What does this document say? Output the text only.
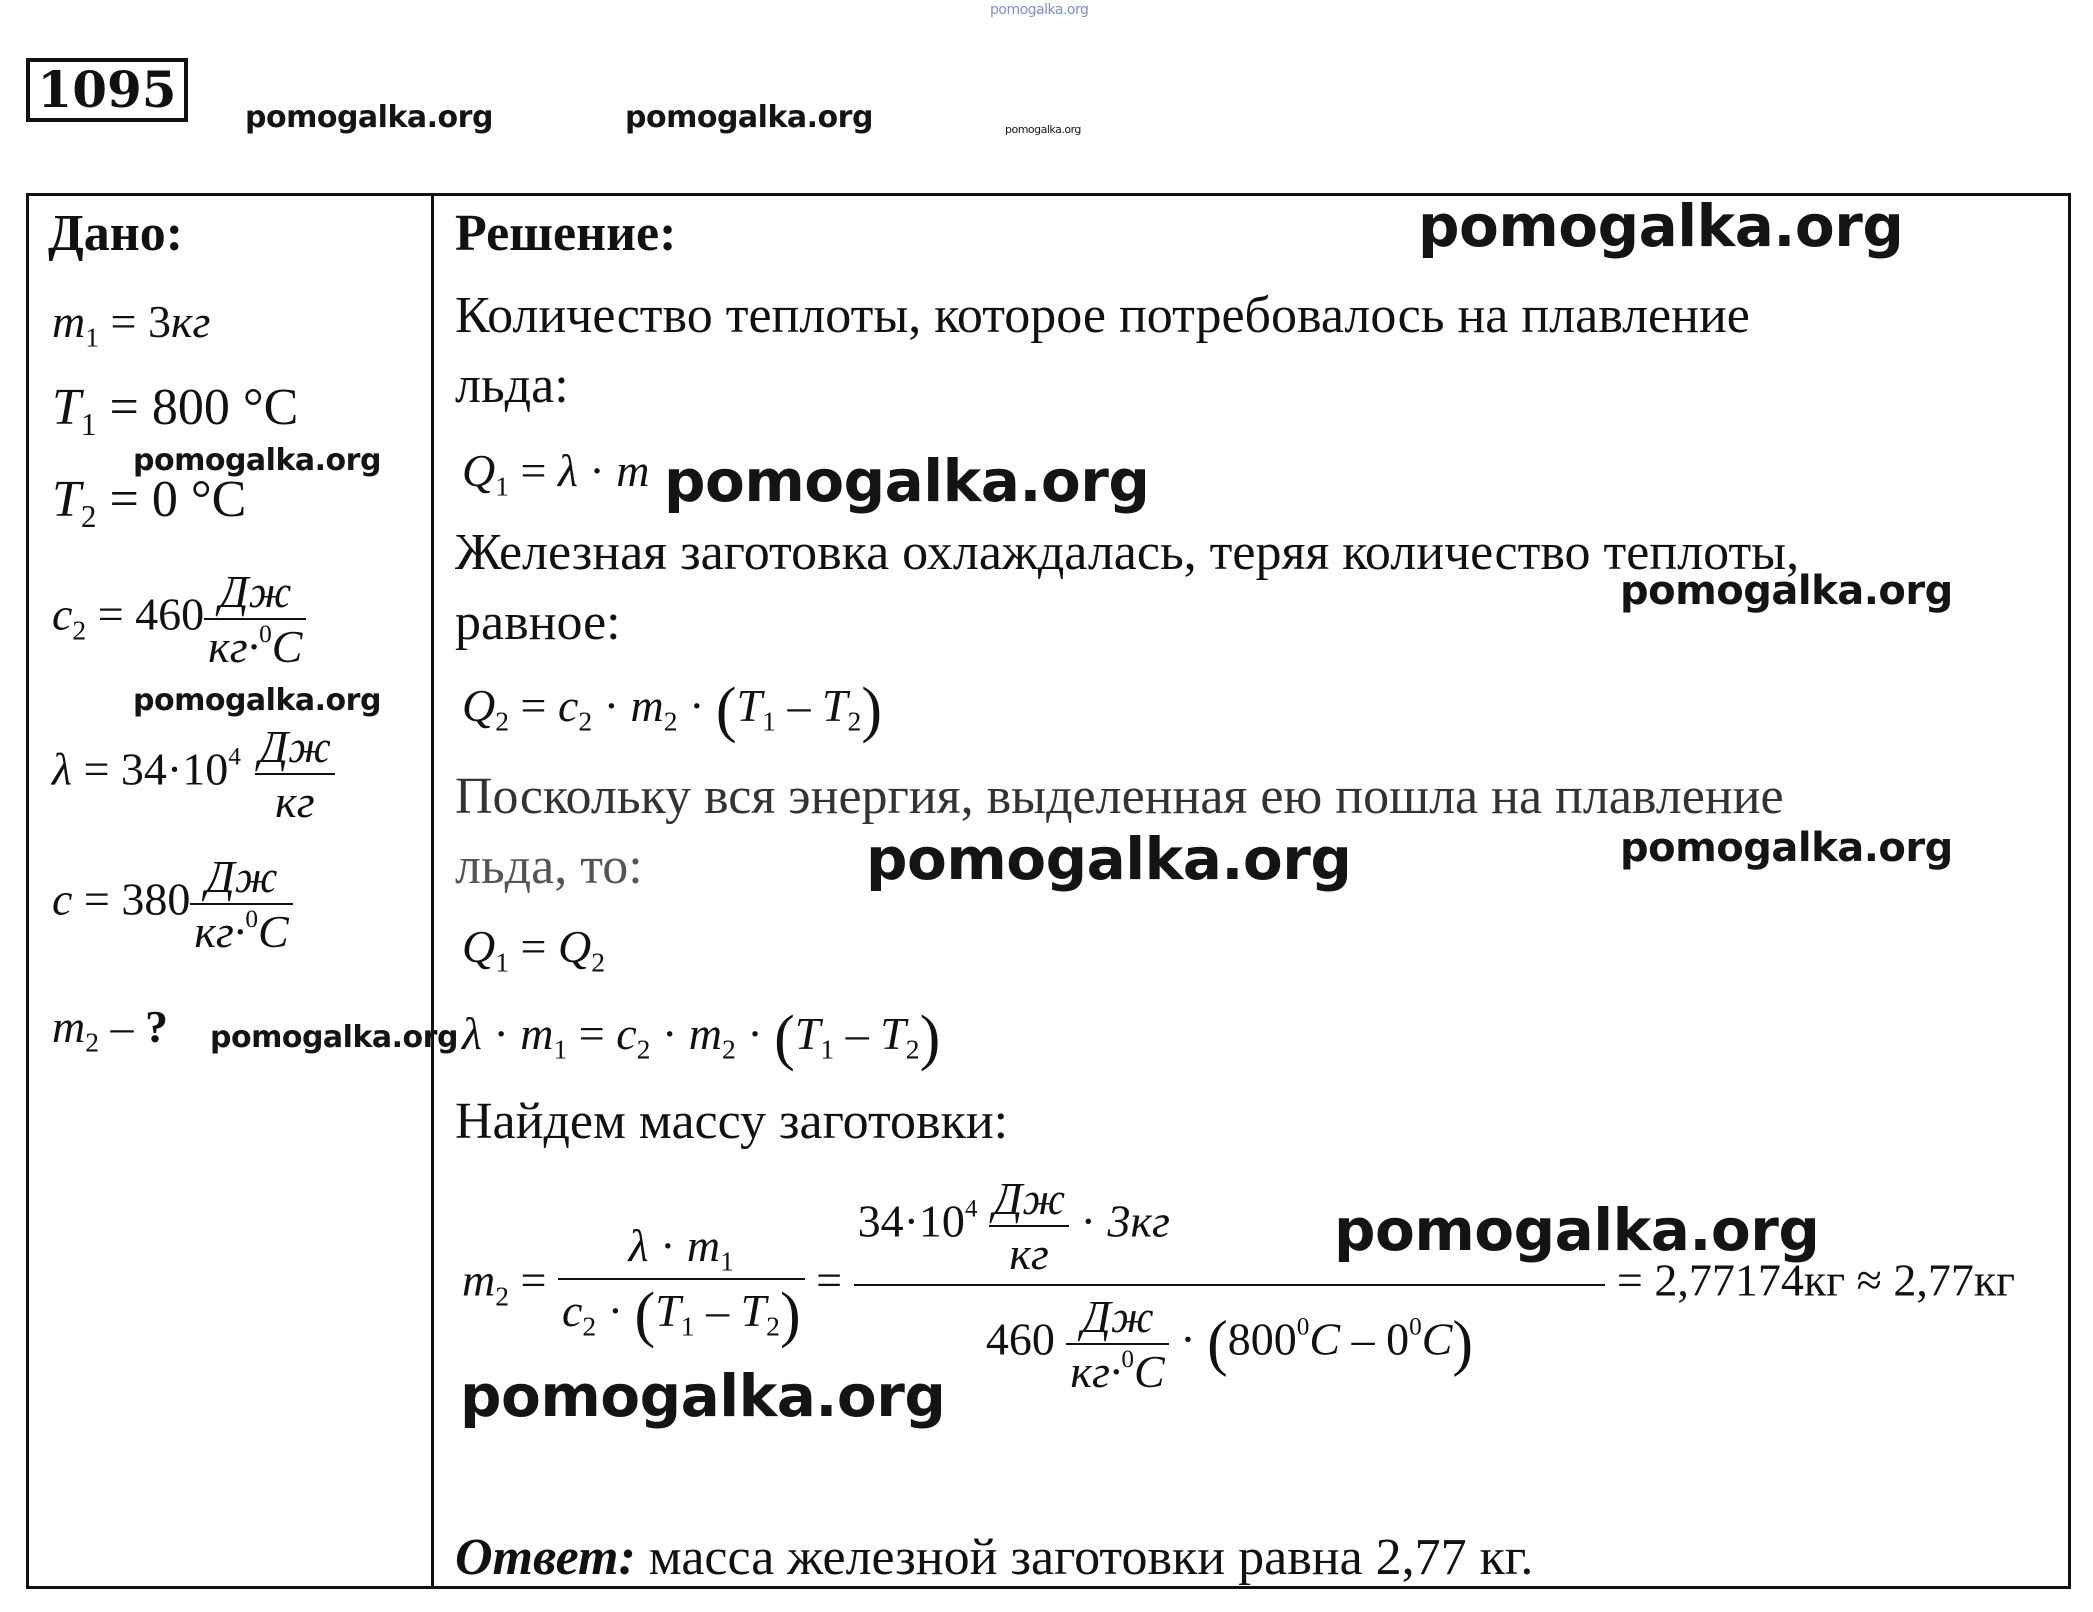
pomogalka.org
pomogalka.org	pomogalka.org	pomogalka.org
1095
Дано:
$m_1 = 3кг$
$T_1 = 800$ °C
pomogalka.org
$T_2 = 0$ °C
$c_2 = 460 \frac{Дж}{кг\cdot^0C}$
pomogalka.org
$\lambda = 34\cdot 10^4 \frac{Дж}{кг}$
$c = 380 \frac{Дж}{кг\cdot^0C}$
$m_2$ – ? pomogalka.org
Решение:	pomogalka.org
Количество теплоты, которое потребовалось на плавление
льда:
$Q_1 = \lambda \cdot m$ pomogalka.org
Железная заготовка охлаждалась, теряя количество теплоты,
pomogalka.org
равное:
$Q_2 = c_2 \cdot m_2 \cdot (T_1 - T_2)$
Поскольку вся энергия, выделенная ею пошла на плавление
льда, то:	pomogalka.org	pomogalka.org
$Q_1 = Q_2$
$\lambda \cdot m_1 = c_2 \cdot m_2 \cdot (T_1 - T_2)$
Найдем массу заготовки:
$m_2 = \frac{\lambda \cdot m_1}{c_2 \cdot (T_1 - T_2)} = \frac{34\cdot 10^4 \frac{Дж}{кг} \cdot 3кг}{460 \frac{Дж}{кг\cdot^0C} \cdot (800^0C - 0^0C)} = 2,77174кг \approx 2,77кг$
pomogalka.org
pomogalka.org
Ответ: масса железной заготовки равна 2,77 кг.
